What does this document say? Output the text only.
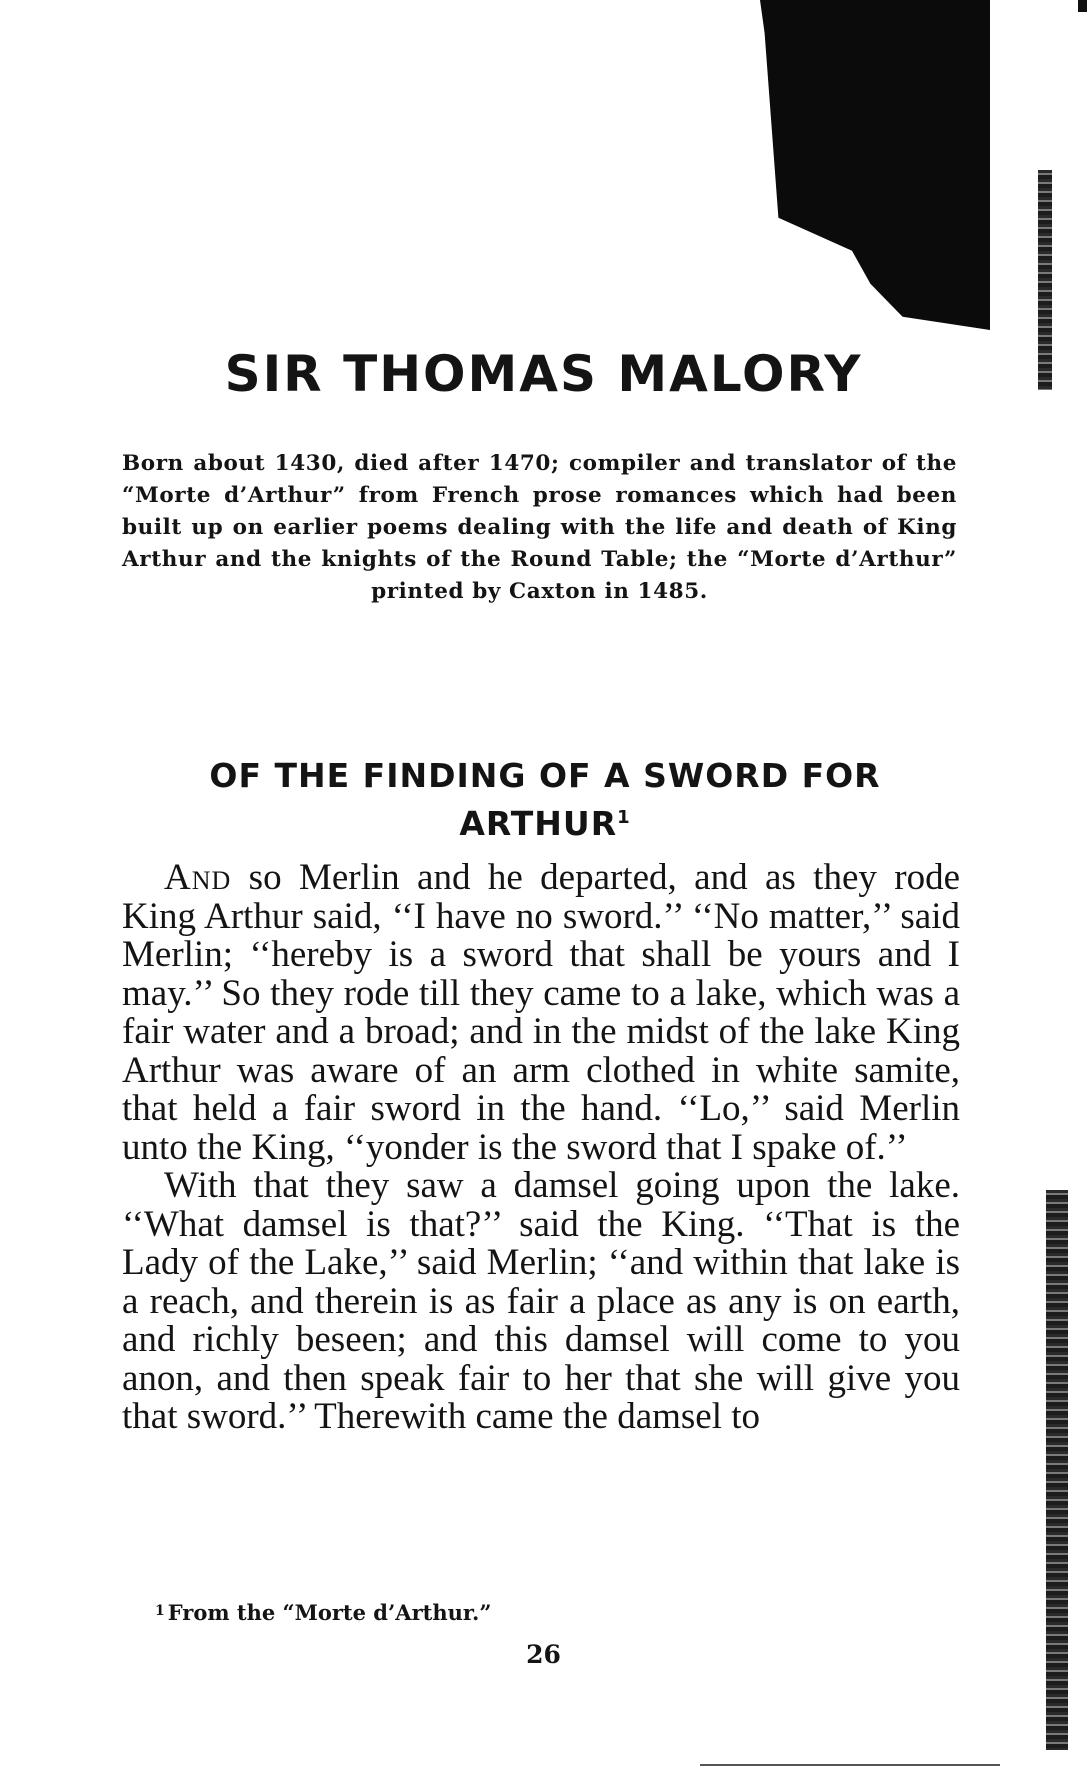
SIR THOMAS MALORY

Born about 1430, died after 1470; compiler and translator of the “Morte d’Arthur” from French prose romances which had been built up on earlier poems dealing with the life and death of King Arthur and the knights of the Round Table; the “Morte d’Arthur” printed by Caxton in 1485.

OF THE FINDING OF A SWORD FOR ARTHUR$^1$

And so Merlin and he departed, and as they rode King Arthur said, ‘‘I have no sword.’’ ‘‘No matter,’’ said Merlin; ‘‘hereby is a sword that shall be yours and I may.’’ So they rode till they came to a lake, which was a fair water and a broad; and in the midst of the lake King Arthur was aware of an arm clothed in white samite, that held a fair sword in the hand. ‘‘Lo,’’ said Merlin unto the King, ‘‘yonder is the sword that I spake of.’’

With that they saw a damsel going upon the lake. ‘‘What damsel is that?’’ said the King. ‘‘That is the Lady of the Lake,’’ said Merlin; ‘‘and within that lake is a reach, and therein is as fair a place as any is on earth, and richly beseen; and this damsel will come to you anon, and then speak fair to her that she will give you that sword.’’ Therewith came the damsel to

$^1$ From the “Morte d’Arthur.”

26
